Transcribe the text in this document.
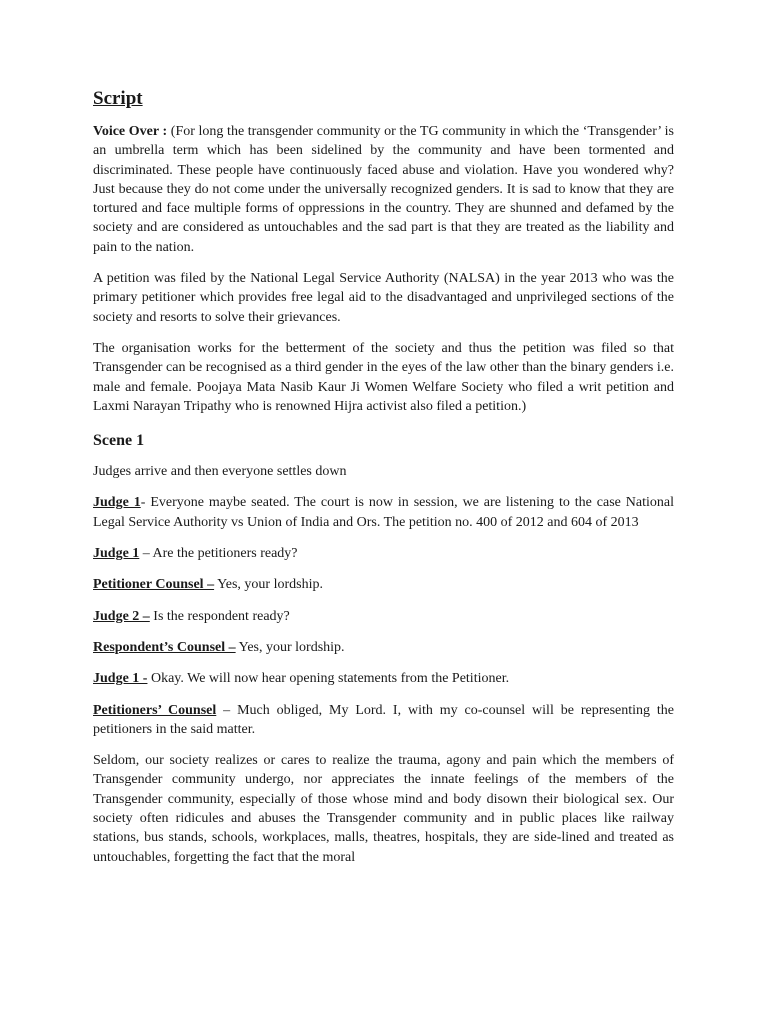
Script

Voice Over : (For long the transgender community or the TG community in which the ‘Transgender’ is an umbrella term which has been sidelined by the community and have been tormented and discriminated. These people have continuously faced abuse and violation. Have you wondered why? Just because they do not come under the universally recognized genders. It is sad to know that they are tortured and face multiple forms of oppressions in the country. They are shunned and defamed by the society and are considered as untouchables and the sad part is that they are treated as the liability and pain to the nation.

A petition was filed by the National Legal Service Authority (NALSA) in the year 2013 who was the primary petitioner which provides free legal aid to the disadvantaged and unprivileged sections of the society and resorts to solve their grievances.

The organisation works for the betterment of the society and thus the petition was filed so that Transgender can be recognised as a third gender in the eyes of the law other than the binary genders i.e. male and female. Poojaya Mata Nasib Kaur Ji Women Welfare Society who filed a writ petition and Laxmi Narayan Tripathy who is renowned Hijra activist also filed a petition.)

Scene 1

Judges arrive and then everyone settles down

Judge 1- Everyone maybe seated. The court is now in session, we are listening to the case National Legal Service Authority vs Union of India and Ors. The petition no. 400 of 2012 and 604 of 2013

Judge 1 – Are the petitioners ready?

Petitioner Counsel – Yes, your lordship.

Judge 2 – Is the respondent ready?

Respondent’s Counsel – Yes, your lordship.

Judge 1 - Okay. We will now hear opening statements from the Petitioner.

Petitioners’ Counsel – Much obliged, My Lord. I, with my co-counsel will be representing the petitioners in the said matter.

Seldom, our society realizes or cares to realize the trauma, agony and pain which the members of Transgender community undergo, nor appreciates the innate feelings of the members of the Transgender community, especially of those whose mind and body disown their biological sex. Our society often ridicules and abuses the Transgender community and in public places like railway stations, bus stands, schools, workplaces, malls, theatres, hospitals, they are side-lined and treated as untouchables, forgetting the fact that the moral
